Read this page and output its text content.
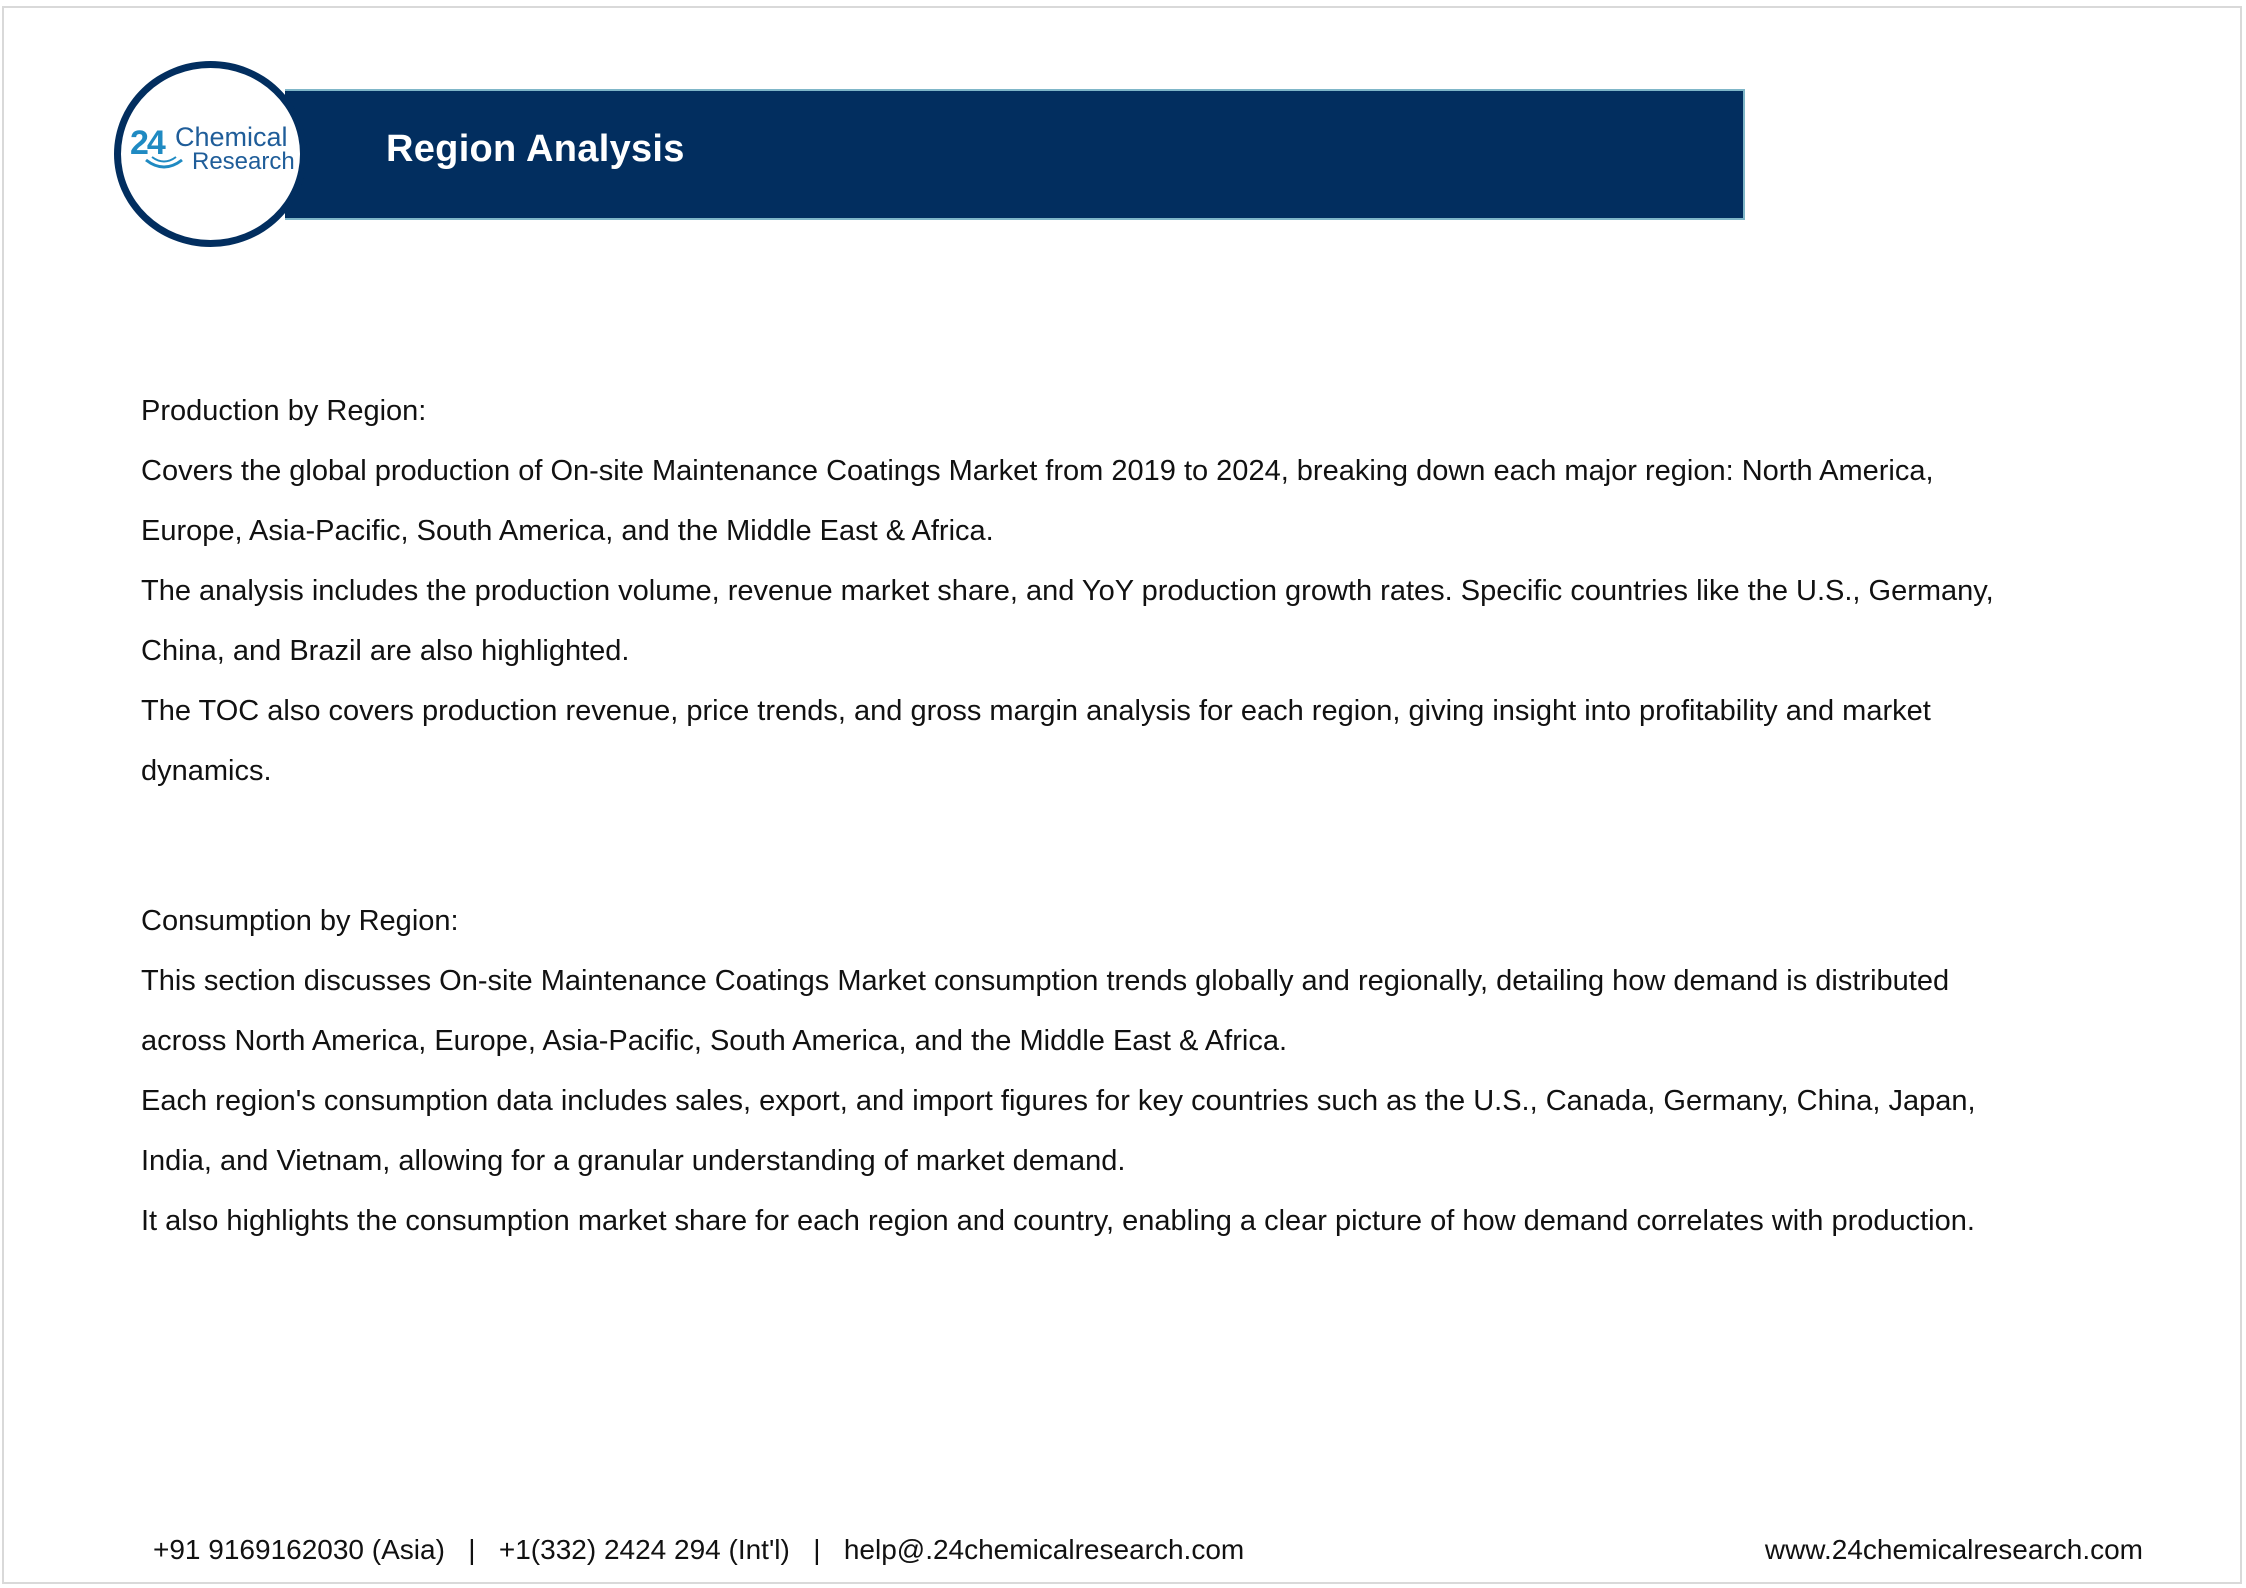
Region Analysis
24 Chemical
Research

Production by Region:

Covers the global production of On-site Maintenance Coatings Market from 2019 to 2024, breaking down each major region: North America, Europe, Asia-Pacific, South America, and the Middle East & Africa.

The analysis includes the production volume, revenue market share, and YoY production growth rates. Specific countries like the U.S., Germany, China, and Brazil are also highlighted.

The TOC also covers production revenue, price trends, and gross margin analysis for each region, giving insight into profitability and market dynamics.

Consumption by Region:

This section discusses On-site Maintenance Coatings Market consumption trends globally and regionally, detailing how demand is distributed across North America, Europe, Asia-Pacific, South America, and the Middle East & Africa.

Each region's consumption data includes sales, export, and import figures for key countries such as the U.S., Canada, Germany, China, Japan, India, and Vietnam, allowing for a granular understanding of market demand.

It also highlights the consumption market share for each region and country, enabling a clear picture of how demand correlates with production.

+91 9169162030 (Asia) | +1(332) 2424 294 (Int'l) | help@.24chemicalresearch.com	www.24chemicalresearch.com
